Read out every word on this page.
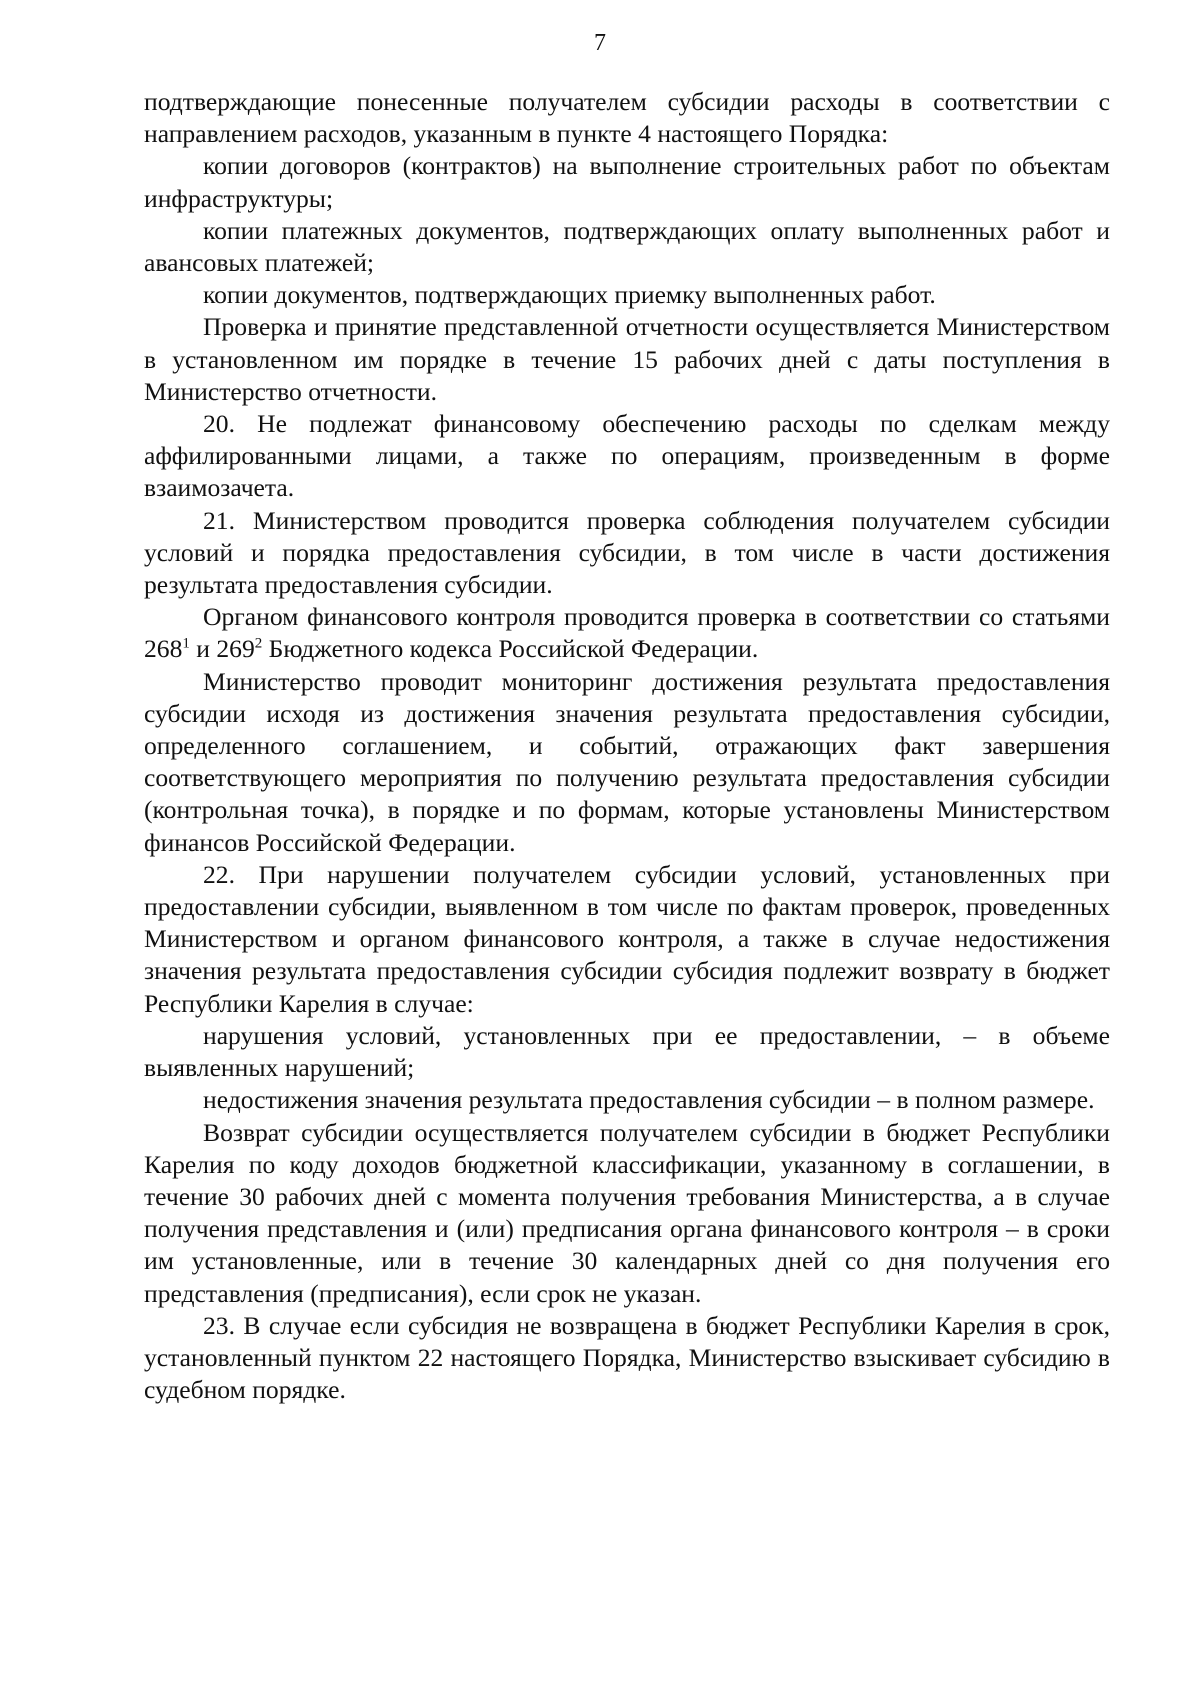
7

подтверждающие понесенные получателем субсидии расходы в соответствии с направлением расходов, указанным в пункте 4 настоящего Порядка:

копии договоров (контрактов) на выполнение строительных работ по объектам инфраструктуры;

копии платежных документов, подтверждающих оплату выполненных работ и авансовых платежей;

копии документов, подтверждающих приемку выполненных работ.

Проверка и принятие представленной отчетности осуществляется Министерством в установленном им порядке в течение 15 рабочих дней с даты поступления в Министерство отчетности.

20. Не подлежат финансовому обеспечению расходы по сделкам между аффилированными лицами, а также по операциям, произведенным в форме взаимозачета.

21. Министерством проводится проверка соблюдения получателем субсидии условий и порядка предоставления субсидии, в том числе в части достижения результата предоставления субсидии.

Органом финансового контроля проводится проверка в соответствии со статьями $268^1$ и $269^2$ Бюджетного кодекса Российской Федерации.

Министерство проводит мониторинг достижения результата предоставления субсидии исходя из достижения значения результата предоставления субсидии, определенного соглашением, и событий, отражающих факт завершения соответствующего мероприятия по получению результата предоставления субсидии (контрольная точка), в порядке и по формам, которые установлены Министерством финансов Российской Федерации.

22. При нарушении получателем субсидии условий, установленных при предоставлении субсидии, выявленном в том числе по фактам проверок, проведенных Министерством и органом финансового контроля, а также в случае недостижения значения результата предоставления субсидии субсидия подлежит возврату в бюджет Республики Карелия в случае:

нарушения условий, установленных при ее предоставлении, – в объеме выявленных нарушений;

недостижения значения результата предоставления субсидии – в полном размере.

Возврат субсидии осуществляется получателем субсидии в бюджет Республики Карелия по коду доходов бюджетной классификации, указанному в соглашении, в течение 30 рабочих дней с момента получения требования Министерства, а в случае получения представления и (или) предписания органа финансового контроля – в сроки им установленные, или в течение 30 календарных дней со дня получения его представления (предписания), если срок не указан.

23. В случае если субсидия не возвращена в бюджет Республики Карелия в срок, установленный пунктом 22 настоящего Порядка, Министерство взыскивает субсидию в судебном порядке.
